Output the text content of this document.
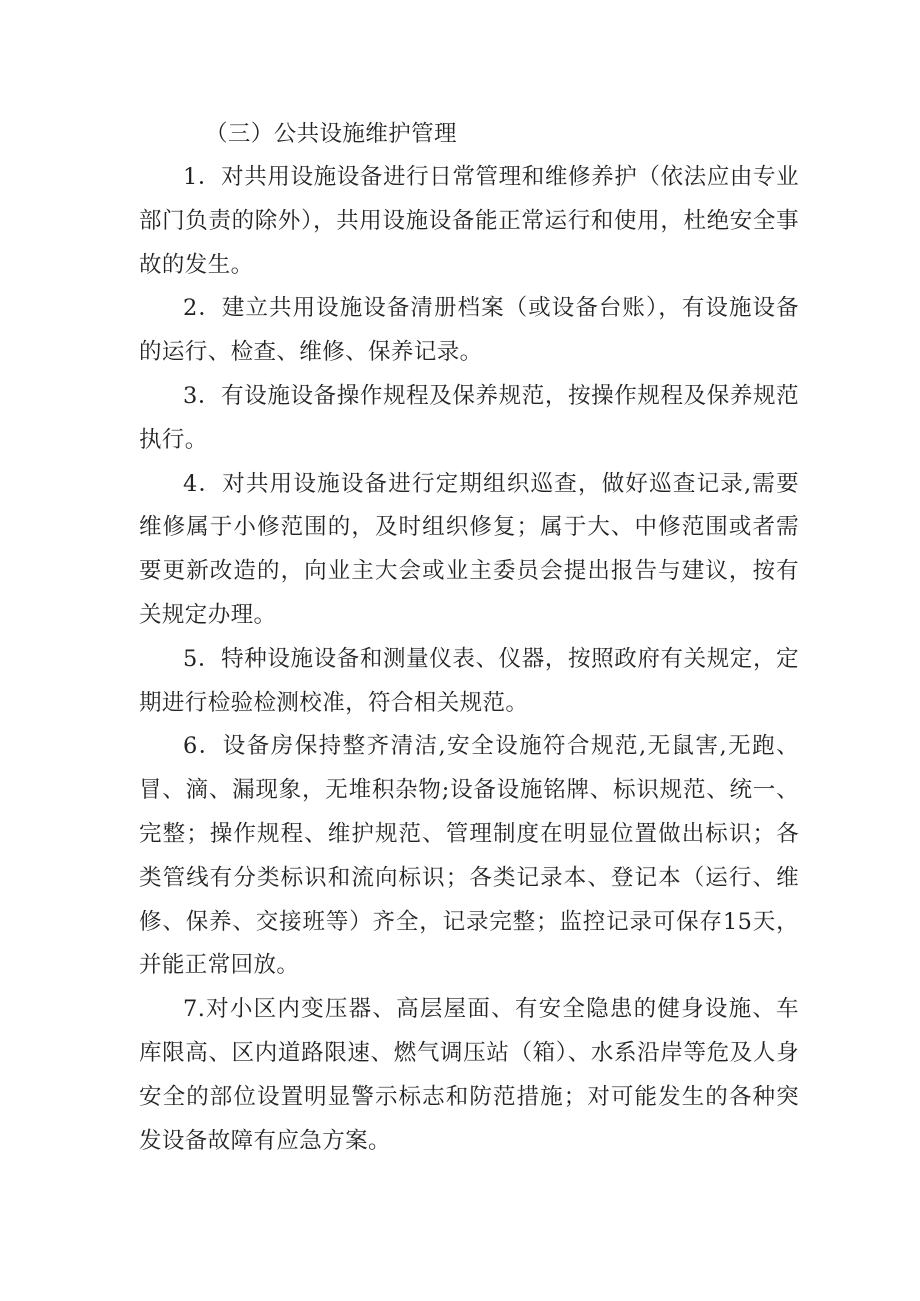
（三）公共设施维护管理

1．对共用设施设备进行日常管理和维修养护（依法应由专业部门负责的除外），共用设施设备能正常运行和使用，杜绝安全事故的发生。

2．建立共用设施设备清册档案（或设备台账），有设施设备的运行、检查、维修、保养记录。

3．有设施设备操作规程及保养规范，按操作规程及保养规范执行。

4．对共用设施设备进行定期组织巡查，做好巡查记录,需要维修属于小修范围的，及时组织修复；属于大、中修范围或者需要更新改造的，向业主大会或业主委员会提出报告与建议，按有关规定办理。

5．特种设施设备和测量仪表、仪器，按照政府有关规定，定期进行检验检测校准，符合相关规范。

6．设备房保持整齐清洁,安全设施符合规范,无鼠害,无跑、冒、滴、漏现象，无堆积杂物;设备设施铭牌、标识规范、统一、完整；操作规程、维护规范、管理制度在明显位置做出标识；各类管线有分类标识和流向标识；各类记录本、登记本（运行、维修、保养、交接班等）齐全，记录完整；监控记录可保存15天，并能正常回放。

7.对小区内变压器、高层屋面、有安全隐患的健身设施、车库限高、区内道路限速、燃气调压站（箱）、水系沿岸等危及人身安全的部位设置明显警示标志和防范措施；对可能发生的各种突发设备故障有应急方案。
